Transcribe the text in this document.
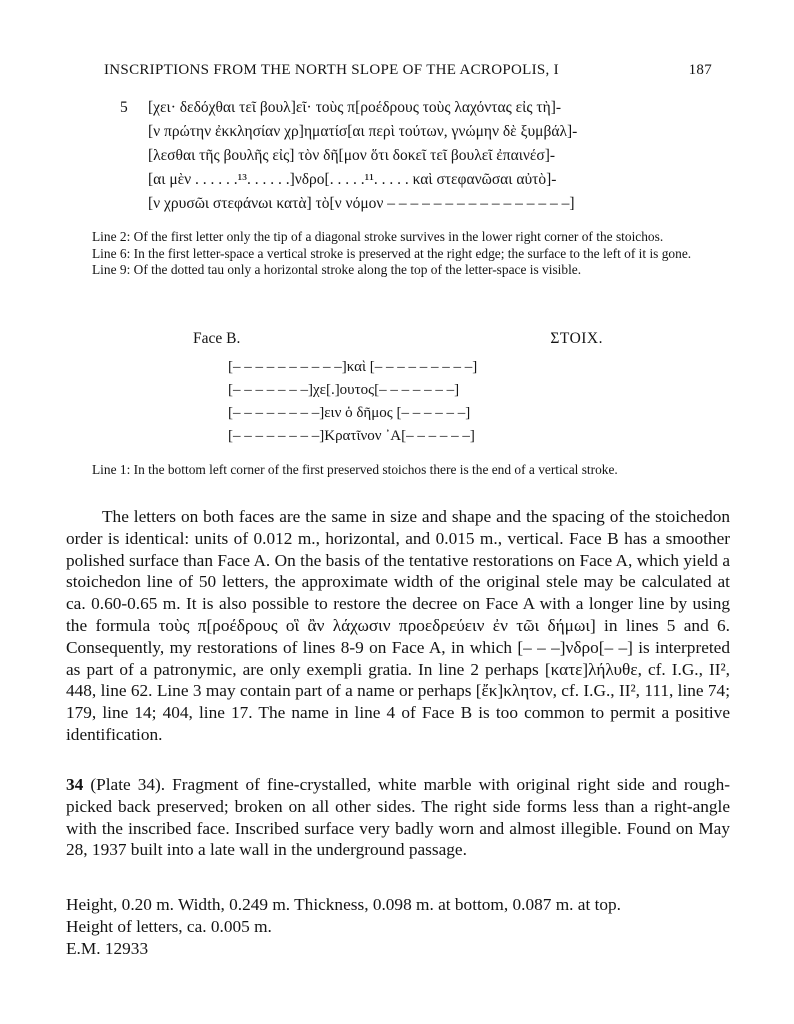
INSCRIPTIONS FROM THE NORTH SLOPE OF THE ACROPOLIS, I	187
5 [χει· δεδόχθαι τεῖ βουλ]εῖ· τοὺς π[ροέδρους τοὺς λαχόντας εἰς τὴ]-
[ν πρώτην ἐκκλησίαν χρ]ηματίσ[αι περὶ τούτων, γνώμην δὲ ξυμβάλ]-
[λεσθαι τῆς βουλῆς εἰς] τὸν δῆ[μον ὅτι δοκεῖ τεῖ βουλεῖ ἐπαινέσ]-
[αι μὲν . . . . . .¹³. . . . . .]νδρο[. . . . .¹¹. . . . . καὶ στεφανῶσαι αὐτὸ]-
[ν χρυσῶι στεφάνωι κατὰ] τὸ[ν νόμον – – – – – – – – – – – – – – – –]

Line 2: Of the first letter only the tip of a diagonal stroke survives in the lower right corner of the stoichos.

Line 6: In the first letter-space a vertical stroke is preserved at the right edge; the surface to the left of it is gone.

Line 9: Of the dotted tau only a horizontal stroke along the top of the letter-space is visible.

Face B.	ΣΤΟΙΧ.
[– – – – – – – – – –]καὶ [– – – – – – – – –]
[– – – – – – –]χε[.]ουτος[– – – – – – –]
[– – – – – – – –]ειν ὁ δῆμος [– – – – – –]
[– – – – – – – –]Κρατῖνον ᾿Α[– – – – – –]

Line 1: In the bottom left corner of the first preserved stoichos there is the end of a vertical stroke.

The letters on both faces are the same in size and shape and the spacing of the stoichedon order is identical: units of 0.012 m., horizontal, and 0.015 m., vertical. Face B has a smoother polished surface than Face A. On the basis of the tentative restorations on Face A, which yield a stoichedon line of 50 letters, the approximate width of the original stele may be calculated at ca. 0.60-0.65 m. It is also possible to restore the decree on Face A with a longer line by using the formula τοὺς π[ροέδρους οἳ ἂν λάχωσιν προεδρεύειν ἐν τῶι δήμωι] in lines 5 and 6. Consequently, my restorations of lines 8-9 on Face A, in which [– – –]νδρο[– –] is interpreted as part of a patronymic, are only exempli gratia. In line 2 perhaps [κατε]λήλυθε, cf. I.G., II², 448, line 62. Line 3 may contain part of a name or perhaps [ἔκ]κλητον, cf. I.G., II², 111, line 74; 179, line 14; 404, line 17. The name in line 4 of Face B is too common to permit a positive identification.

34 (Plate 34). Fragment of fine-crystalled, white marble with original right side and rough-picked back preserved; broken on all other sides. The right side forms less than a right-angle with the inscribed face. Inscribed surface very badly worn and almost illegible. Found on May 28, 1937 built into a late wall in the underground passage.

Height, 0.20 m. Width, 0.249 m. Thickness, 0.098 m. at bottom, 0.087 m. at top.
Height of letters, ca. 0.005 m.
E.M. 12933
